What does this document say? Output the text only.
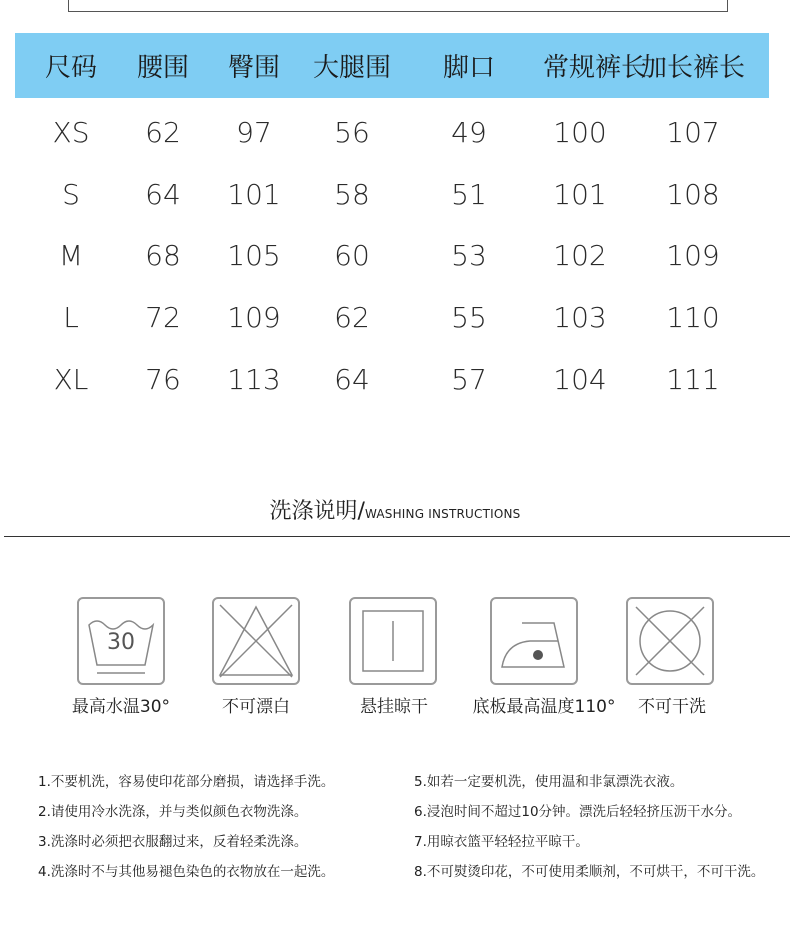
尺码	腰围	臀围	大腿围	脚口	常规裤长	加长裤长
XS	62	97	56	49	100	107
S	64	101	58	51	101	108
M	68	105	60	53	102	109
L	72	109	62	55	103	110
XL	76	113	64	57	104	111
洗涤说明/WASHING INSTRUCTIONS
30
最高水温30°	不可漂白	悬挂晾干	底板最高温度110°	不可干洗
1.不要机洗，容易使印花部分磨损，请选择手洗。
2.请使用冷水洗涤，并与类似颜色衣物洗涤。
3.洗涤时必须把衣服翻过来，反着轻柔洗涤。
4.洗涤时不与其他易褪色染色的衣物放在一起洗。
5.如若一定要机洗，使用温和非氯漂洗衣液。
6.浸泡时间不超过10分钟。漂洗后轻轻挤压沥干水分。
7.用晾衣篮平轻轻拉平晾干。
8.不可熨烫印花，不可使用柔顺剂，不可烘干，不可干洗。
